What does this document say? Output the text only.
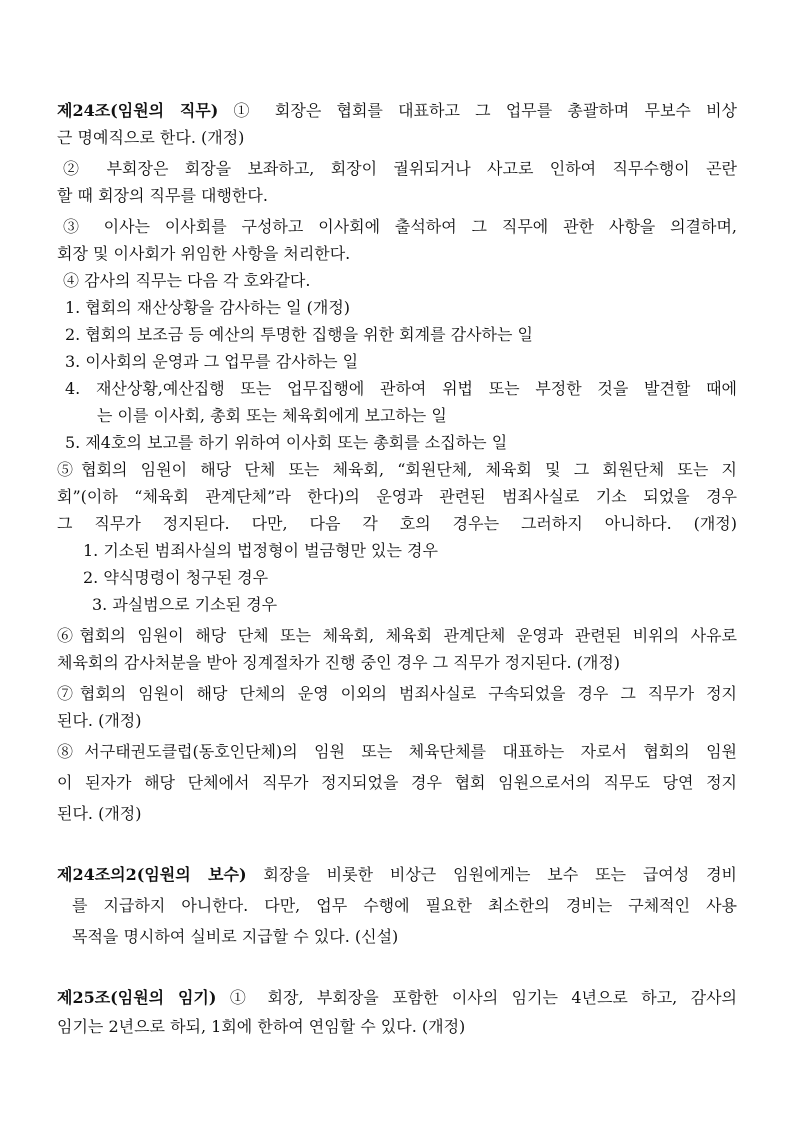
제24조(임원의 직무) ① 회장은 협회를 대표하고 그 업무를 총괄하며 무보수 비상
근 명예직으로 한다. (개정)
② 부회장은 회장을 보좌하고, 회장이 궐위되거나 사고로 인하여 직무수행이 곤란
할 때 회장의 직무를 대행한다.
③ 이사는 이사회를 구성하고 이사회에 출석하여 그 직무에 관한 사항을 의결하며,
회장 및 이사회가 위임한 사항을 처리한다.
④ 감사의 직무는 다음 각 호와같다.
1. 협회의 재산상황을 감사하는 일 (개정)
2. 협회의 보조금 등 예산의 투명한 집행을 위한 회계를 감사하는 일
3. 이사회의 운영과 그 업무를 감사하는 일
4. 재산상황,예산집행 또는 업무집행에 관하여 위법 또는 부정한 것을 발견할 때에
는 이를 이사회, 총회 또는 체육회에게 보고하는 일
5. 제4호의 보고를 하기 위하여 이사회 또는 총회를 소집하는 일
⑤협회의 임원이 해당 단체 또는 체육회, “회원단체, 체육회 및 그 회원단체 또는 지
회”(이하 “체육회 관계단체”라 한다)의 운영과 관련된 범죄사실로 기소 되었을 경우
그 직무가 정지된다. 다만, 다음 각 호의 경우는 그러하지 아니하다. (개정)
1. 기소된 범죄사실의 법정형이 벌금형만 있는 경우
2. 약식명령이 청구된 경우
3. 과실범으로 기소된 경우
⑥협회의 임원이 해당 단체 또는 체육회, 체육회 관계단체 운영과 관련된 비위의 사유로
체육회의 감사처분을 받아 징계절차가 진행 중인 경우 그 직무가 정지된다. (개정)
⑦협회의 임원이 해당 단체의 운영 이외의 범죄사실로 구속되었을 경우 그 직무가 정지
된다. (개정)
⑧서구태권도클럽(동호인단체)의 임원 또는 체육단체를 대표하는 자로서 협회의 임원
이 된자가 해당 단체에서 직무가 정지되었을 경우 협회 임원으로서의 직무도 당연 정지
된다. (개정)
제24조의2(임원의 보수) 회장을 비롯한 비상근 임원에게는 보수 또는 급여성 경비
를 지급하지 아니한다. 다만, 업무 수행에 필요한 최소한의 경비는 구체적인 사용
목적을 명시하여 실비로 지급할 수 있다. (신설)
제25조(임원의 임기) ① 회장, 부회장을 포함한 이사의 임기는 4년으로 하고, 감사의
임기는 2년으로 하되, 1회에 한하여 연임할 수 있다. (개정)
